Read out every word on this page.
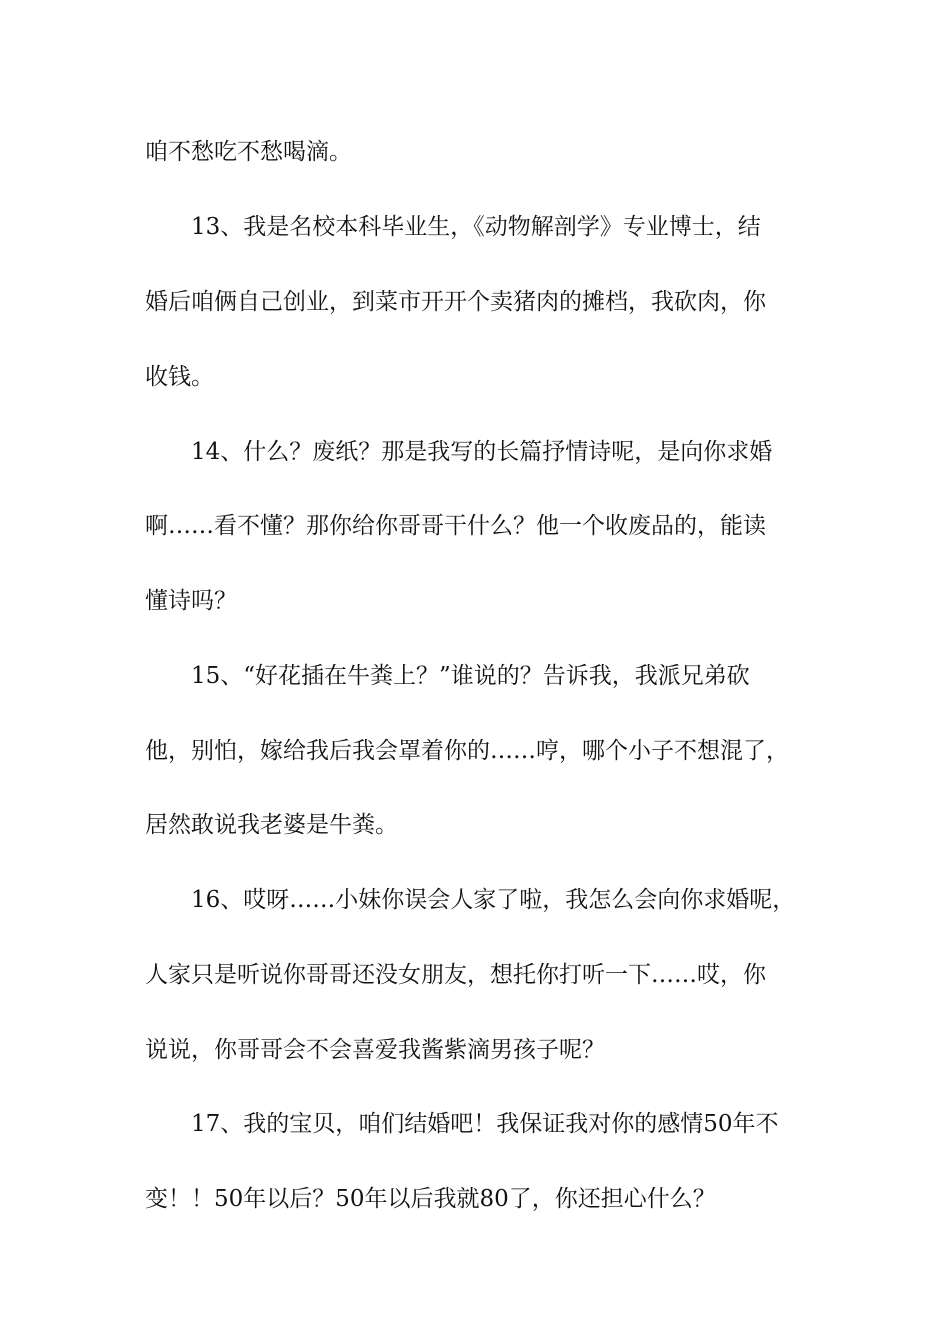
咱不愁吃不愁喝滴。
　　13、我是名校本科毕业生，《动物解剖学》专业博士，结
婚后咱俩自己创业，到菜市开开个卖猪肉的摊档，我砍肉，你
收钱。
　　14、什么？废纸？那是我写的长篇抒情诗呢，是向你求婚
啊……看不懂？那你给你哥哥干什么？他一个收废品的，能读
懂诗吗？
　　15、“好花插在牛粪上？”谁说的？告诉我，我派兄弟砍
他，别怕，嫁给我后我会罩着你的……哼，哪个小子不想混了，
居然敢说我老婆是牛粪。
　　16、哎呀……小妹你误会人家了啦，我怎么会向你求婚呢，
人家只是听说你哥哥还没女朋友，想托你打听一下……哎，你
说说，你哥哥会不会喜爱我酱紫滴男孩子呢？
　　17、我的宝贝，咱们结婚吧！我保证我对你的感情50年不
变！！50年以后？50年以后我就80了，你还担心什么？
